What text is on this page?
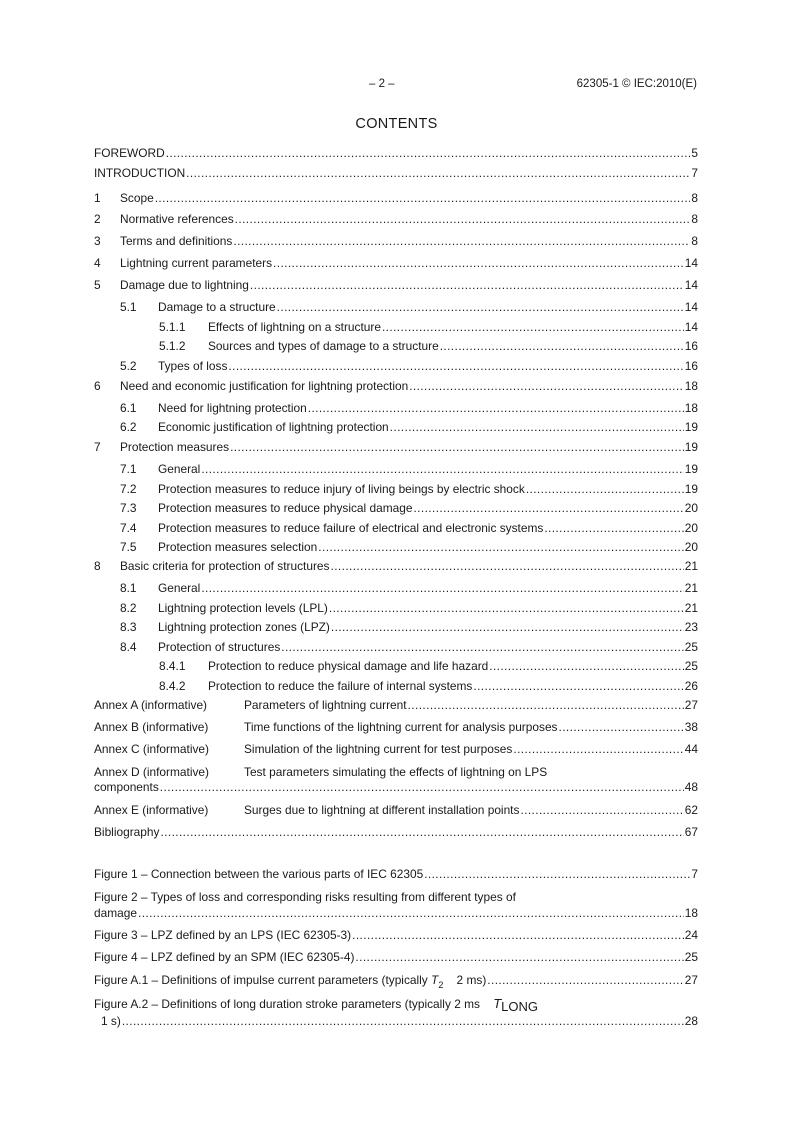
– 2 –	62305-1 © IEC:2010(E)
CONTENTS
FOREWORD .....	5
INTRODUCTION .....	7
1	Scope .....	8
2	Normative references .....	8
3	Terms and definitions .....	8
4	Lightning current parameters .....	14
5	Damage due to lightning .....	14
5.1	Damage to a structure .....	14
5.1.1	Effects of lightning on a structure .....	14
5.1.2	Sources and types of damage to a structure .....	16
5.2	Types of loss .....	16
6	Need and economic justification for lightning protection .....	18
6.1	Need for lightning protection .....	18
6.2	Economic justification of lightning protection .....	19
7	Protection measures .....	19
7.1	General .....	19
7.2	Protection measures to reduce injury of living beings by electric shock .....	19
7.3	Protection measures to reduce physical damage .....	20
7.4	Protection measures to reduce failure of electrical and electronic systems .....	20
7.5	Protection measures selection .....	20
8	Basic criteria for protection of structures .....	21
8.1	General .....	21
8.2	Lightning protection levels (LPL) .....	21
8.3	Lightning protection zones (LPZ) .....	23
8.4	Protection of structures .....	25
8.4.1	Protection to reduce physical damage and life hazard .....	25
8.4.2	Protection to reduce the failure of internal systems .....	26
Annex A (informative)	Parameters of lightning current .....	27
Annex B (informative)	Time functions of the lightning current for analysis purposes .....	38
Annex C (informative)	Simulation of the lightning current for test purposes .....	44
Annex D (informative)	Test parameters simulating the effects of lightning on LPS
components .....	48
Annex E (informative)	Surges due to lightning at different installation points .....	62
Bibliography .....	67
Figure 1 – Connection between the various parts of IEC 62305 .....	7
Figure 2 – Types of loss and corresponding risks resulting from different types of
damage .....	18
Figure 3 – LPZ defined by an LPS (IEC 62305-3) .....	24
Figure 4 – LPZ defined by an SPM (IEC 62305-4) .....	25
Figure A.1 – Definitions of impulse current parameters (typically $T_2$ 2 ms) .....	27
Figure A.2 – Definitions of long duration stroke parameters (typically 2 ms TLONG
1 s) .....	28
